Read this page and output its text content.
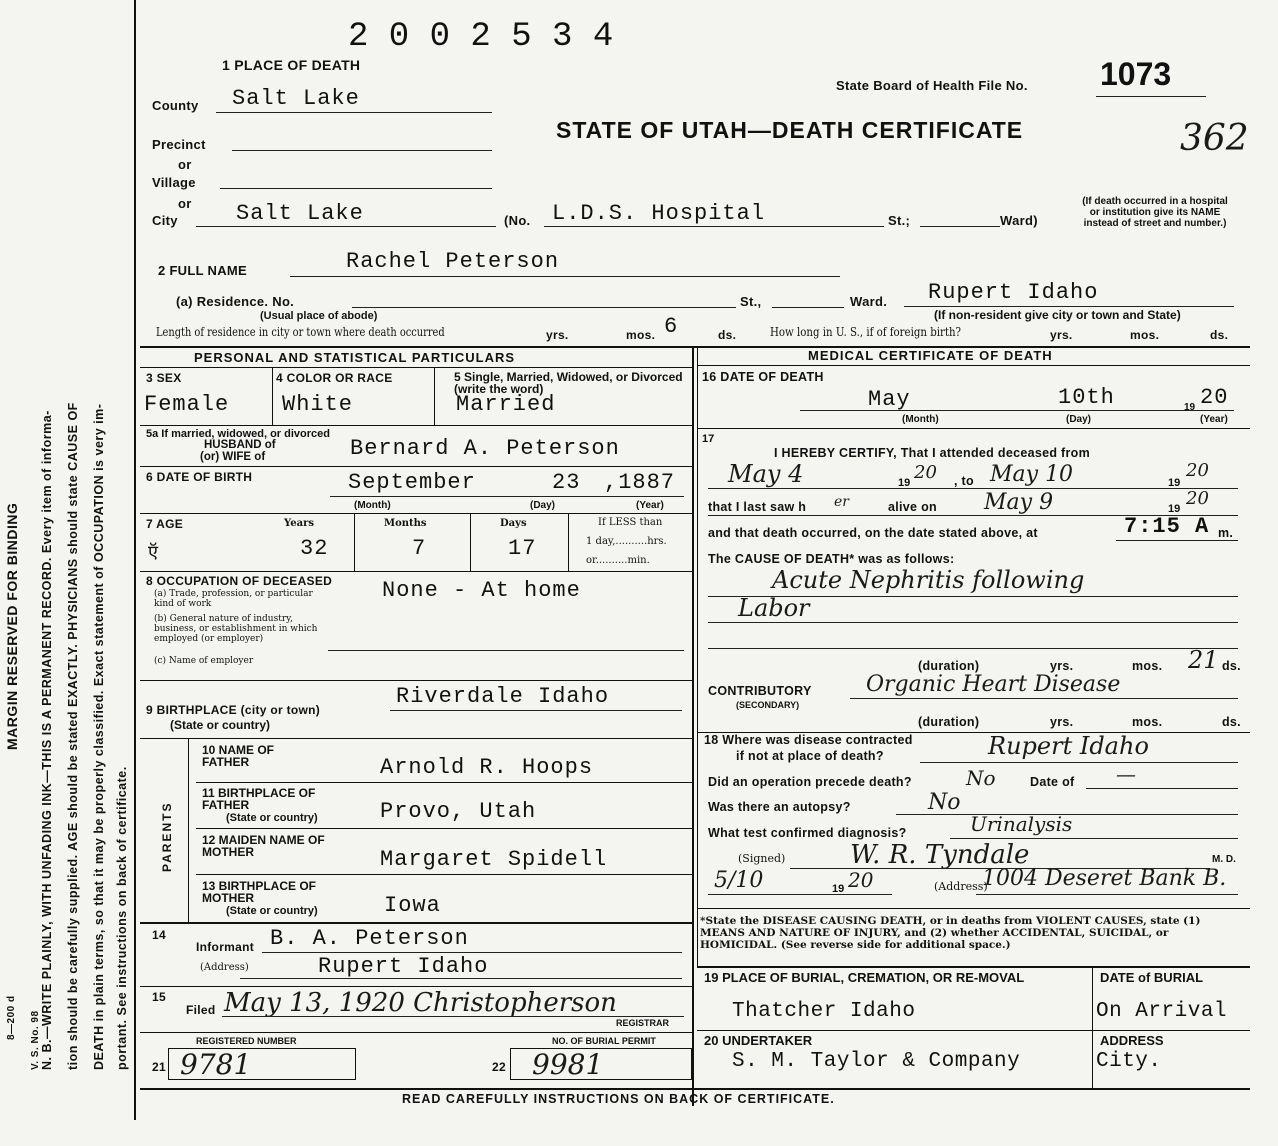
MARGIN RESERVED FOR BINDING N. B.—WRITE PLAINLY, WITH UNFADING INK—THIS IS A PERMANENT RECORD. Every item of informa- tion should be carefully supplied. AGE should be stated EXACTLY. PHYSICIANS should state CAUSE OF DEATH in plain terms, so that it may be properly classified. Exact statement of OCCUPATION is very im- portant. See instructions on back of certificate.
V. S. No. 98
8—200 d
2 0 0 2 5 3 4
1 PLACE OF DEATH
State Board of Health File No. 1073
362
STATE OF UTAH—DEATH CERTIFICATE
County Salt Lake
Precinct
or
Village
or
City	Salt Lake	(No. L.D.S. Hospital	St.;	Ward)
(If death occurred in a hospital or institution give its NAME instead of street and number.)
2 FULL NAME	Rachel Peterson
(a) Residence. No.
(Usual place of abode)
St.,	Ward. Rupert Idaho
(If non-resident give city or town and State)
Length of residence in city or town where death occurred	yrs.	mos. 6	ds.	How long in U. S., if of foreign birth?	yrs.	mos.	ds.
PERSONAL AND STATISTICAL PARTICULARS
3 SEX
Female
4 COLOR OR RACE
White
5 Single, Married, Widowed, or Divorced (write the word)
Married
5a If married, widowed, or divorced
HUSBAND of
(or) WIFE of	Bernard A. Peterson
6 DATE OF BIRTH	September	23 ,1887
(Month)	(Day)	(Year)
7 AGE
ऍ
Years
32
Months
7
Days
17
If LESS than
1 day,..........hrs.
or..........min.
8 OCCUPATION OF DECEASED None - At home
(a) Trade, profession, or particular kind of work
(b) General nature of industry, business, or establishment in which employed (or employer)
(c) Name of employer
9 BIRTHPLACE (city or town)
(State or country)
Riverdale Idaho
PARENTS
10 NAME OF FATHER	Arnold R. Hoops
11 BIRTHPLACE OF FATHER
(State or country)	Provo, Utah
12 MAIDEN NAME OF MOTHER	Margaret Spidell
13 BIRTHPLACE OF MOTHER
(State or country)	Iowa
14
Informant B. A. Peterson
(Address)	Rupert Idaho
15
Filed May 13, 1920 Christopherson
REGISTRAR
REGISTERED NUMBER
21 9781
NO. OF BURIAL PERMIT
22 9981
MEDICAL CERTIFICATE OF DEATH
16 DATE OF DEATH
May	10th	19 20
(Month)	(Day)	(Year)
17
I HEREBY CERTIFY, That I attended deceased from
May 4	19 20 , to May 10	19
20
that I last saw h er	alive on May 9	19 20
and that death occurred, on the date stated above, at	7:15 A m.
The CAUSE OF DEATH* was as follows:
Acute Nephritis following
Labor
(duration)	yrs.	mos. 21 ds.
CONTRIBUTORY
(SECONDARY)
Organic Heart Disease
(duration)	yrs.	mos.	ds.
18 Where was disease contracted
if not at place of death?	Rupert Idaho
Did an operation precede death?	No	Date of —
Was there an autopsy?	No
What test confirmed diagnosis?	Urinalysis
(Signed) W. R. Tyndale	M. D.
5/10	19 20	(Address)
1004 Deseret Bank B.
*State the DISEASE CAUSING DEATH, or in deaths from VIOLENT CAUSES, state (1) MEANS AND NATURE OF INJURY, and (2) whether ACCIDENTAL, SUICIDAL, or HOMICIDAL. (See reverse side for additional space.)
19 PLACE OF BURIAL, CREMATION, OR RE-MOVAL
Thatcher Idaho
DATE of BURIAL
On Arrival
20 UNDERTAKER
S. M. Taylor & Company
ADDRESS
City.
READ CAREFULLY INSTRUCTIONS ON BACK OF CERTIFICATE.
